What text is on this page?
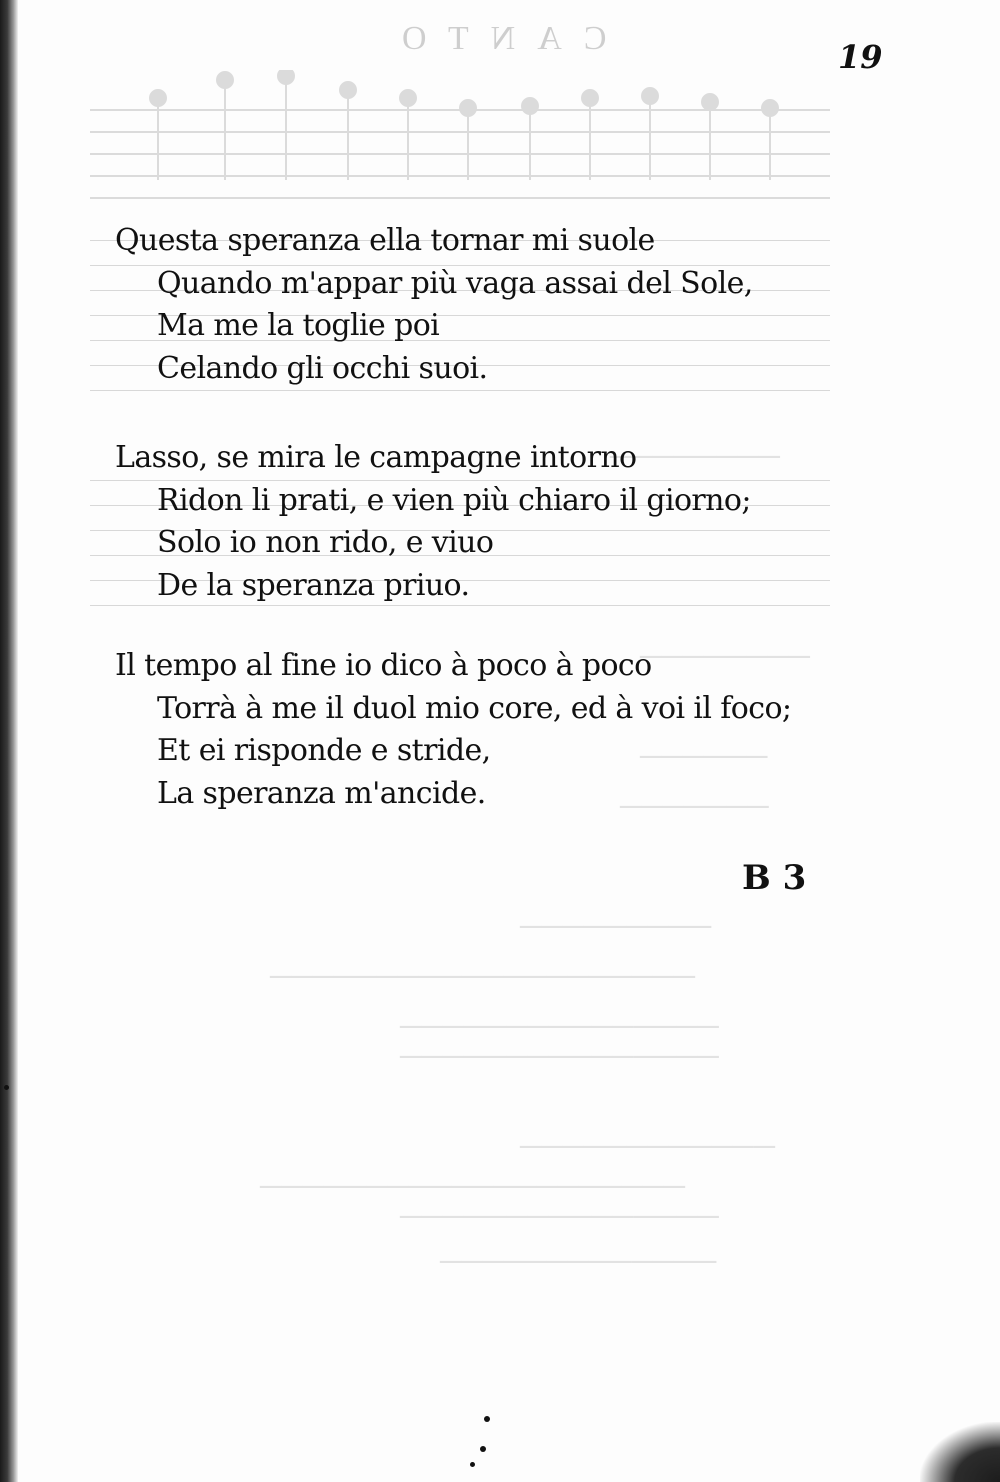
────────
────────
──────
───────
─────────
────────────────────
───────────────
───────────────
────────────
────────────────────
───────────────
─────────────
CANTO	19
Questa speranza ella tornar mi suole
Quando m'appar più vaga assai del Sole,
Ma me la toglie poi
Celando gli occhi suoi.
Lasso, se mira le campagne intorno
Ridon li prati, e vien più chiaro il giorno;
Solo io non rido, e viuo
De la speranza priuo.
Il tempo al fine io dico à poco à poco
Torrà à me il duol mio core, ed à voi il foco;
Et ei risponde e stride,
La speranza m'ancide.
B 3
